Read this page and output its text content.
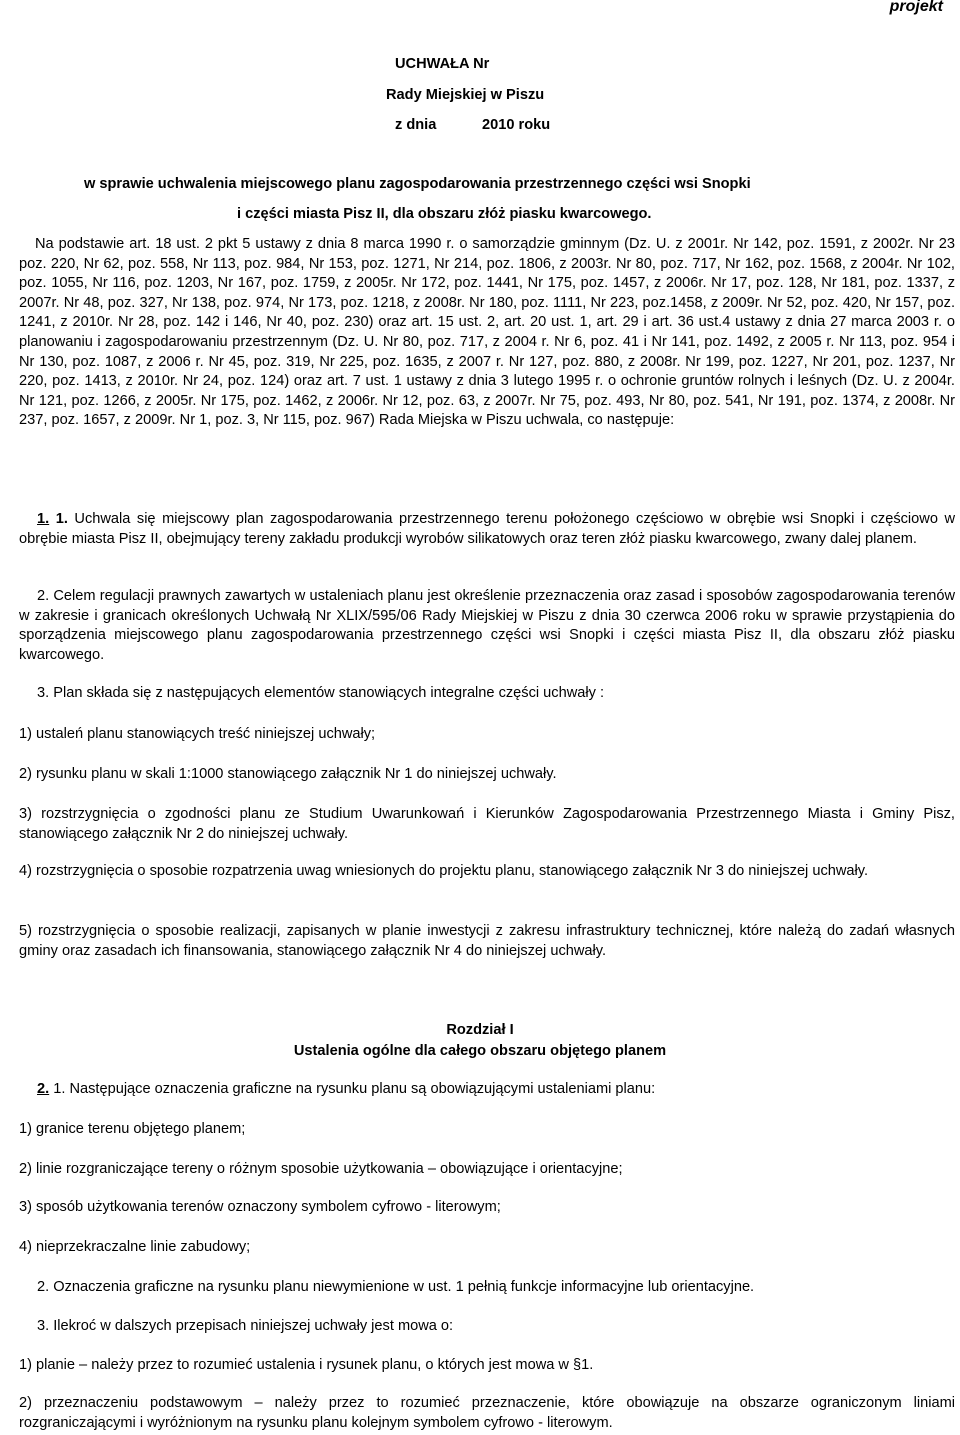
projekt
UCHWAŁA Nr
Rady Miejskiej w Piszu
z dnia	2010 roku
w sprawie uchwalenia miejscowego planu zagospodarowania przestrzennego części wsi Snopki
i części miasta Pisz II, dla obszaru złóż piasku kwarcowego.
Na podstawie art. 18 ust. 2 pkt 5 ustawy z dnia 8 marca 1990 r. o samorządzie gminnym (Dz. U. z 2001r. Nr 142, poz. 1591, z 2002r. Nr 23 poz. 220, Nr 62, poz. 558, Nr 113, poz. 984, Nr 153, poz. 1271, Nr 214, poz. 1806, z 2003r. Nr 80, poz. 717, Nr 162, poz. 1568, z 2004r. Nr 102, poz. 1055, Nr 116, poz. 1203, Nr 167, poz. 1759, z 2005r. Nr 172, poz. 1441, Nr 175, poz. 1457, z 2006r. Nr 17, poz. 128, Nr 181, poz. 1337, z 2007r. Nr 48, poz. 327, Nr 138, poz. 974, Nr 173, poz. 1218, z 2008r. Nr 180, poz. 1111, Nr 223, poz.1458, z 2009r. Nr 52, poz. 420, Nr 157, poz. 1241, z 2010r. Nr 28, poz. 142 i 146, Nr 40, poz. 230) oraz art. 15 ust. 2, art. 20 ust. 1, art. 29 i art. 36 ust.4 ustawy z dnia 27 marca 2003 r. o planowaniu i zagospodarowaniu przestrzennym (Dz. U. Nr 80, poz. 717, z 2004 r. Nr 6, poz. 41 i Nr 141, poz. 1492, z 2005 r. Nr 113, poz. 954 i Nr 130, poz. 1087, z 2006 r. Nr 45, poz. 319, Nr 225, poz. 1635, z 2007 r. Nr 127, poz. 880, z 2008r. Nr 199, poz. 1227, Nr 201, poz. 1237, Nr 220, poz. 1413, z 2010r. Nr 24, poz. 124) oraz art. 7 ust. 1 ustawy z dnia 3 lutego 1995 r. o ochronie gruntów rolnych i leśnych (Dz. U. z 2004r. Nr 121, poz. 1266, z 2005r. Nr 175, poz. 1462, z 2006r. Nr 12, poz. 63, z 2007r. Nr 75, poz. 493, Nr 80, poz. 541, Nr 191, poz. 1374, z 2008r. Nr 237, poz. 1657, z 2009r. Nr 1, poz. 3, Nr 115, poz. 967) Rada Miejska w Piszu uchwala, co następuje:
1. 1. Uchwala się miejscowy plan zagospodarowania przestrzennego terenu położonego częściowo w obrębie wsi Snopki i częściowo w obrębie miasta Pisz II, obejmujący tereny zakładu produkcji wyrobów silikatowych oraz teren złóż piasku kwarcowego, zwany dalej planem.
2. Celem regulacji prawnych zawartych w ustaleniach planu jest określenie przeznaczenia oraz zasad i sposobów zagospodarowania terenów w zakresie i granicach określonych Uchwałą Nr XLIX/595/06 Rady Miejskiej w Piszu z dnia 30 czerwca 2006 roku w sprawie przystąpienia do sporządzenia miejscowego planu zagospodarowania przestrzennego części wsi Snopki i części miasta Pisz II, dla obszaru złóż piasku kwarcowego.
3. Plan składa się z następujących elementów stanowiących integralne części uchwały :
1) ustaleń planu stanowiących treść niniejszej uchwały;
2) rysunku planu w skali 1:1000 stanowiącego załącznik Nr 1 do niniejszej uchwały.
3) rozstrzygnięcia o zgodności planu ze Studium Uwarunkowań i Kierunków Zagospodarowania Przestrzennego Miasta i Gminy Pisz, stanowiącego załącznik Nr 2 do niniejszej uchwały.
4) rozstrzygnięcia o sposobie rozpatrzenia uwag wniesionych do projektu planu, stanowiącego załącznik Nr 3 do niniejszej uchwały.
5) rozstrzygnięcia o sposobie realizacji, zapisanych w planie inwestycji z zakresu infrastruktury technicznej, które należą do zadań własnych gminy oraz zasadach ich finansowania, stanowiącego załącznik Nr 4 do niniejszej uchwały.
Rozdział I
Ustalenia ogólne dla całego obszaru objętego planem
2. 1. Następujące oznaczenia graficzne na rysunku planu są obowiązującymi ustaleniami planu:
1) granice terenu objętego planem;
2) linie rozgraniczające tereny o różnym sposobie użytkowania – obowiązujące i orientacyjne;
3) sposób użytkowania terenów oznaczony symbolem cyfrowo - literowym;
4) nieprzekraczalne linie zabudowy;
2. Oznaczenia graficzne na rysunku planu niewymienione w ust. 1 pełnią funkcje informacyjne lub orientacyjne.
3. Ilekroć w dalszych przepisach niniejszej uchwały jest mowa o:
1) planie – należy przez to rozumieć ustalenia i rysunek planu, o których jest mowa w §1.
2) przeznaczeniu podstawowym – należy przez to rozumieć przeznaczenie, które obowiązuje na obszarze ograniczonym liniami rozgraniczającymi i wyróżnionym na rysunku planu kolejnym symbolem cyfrowo - literowym.
